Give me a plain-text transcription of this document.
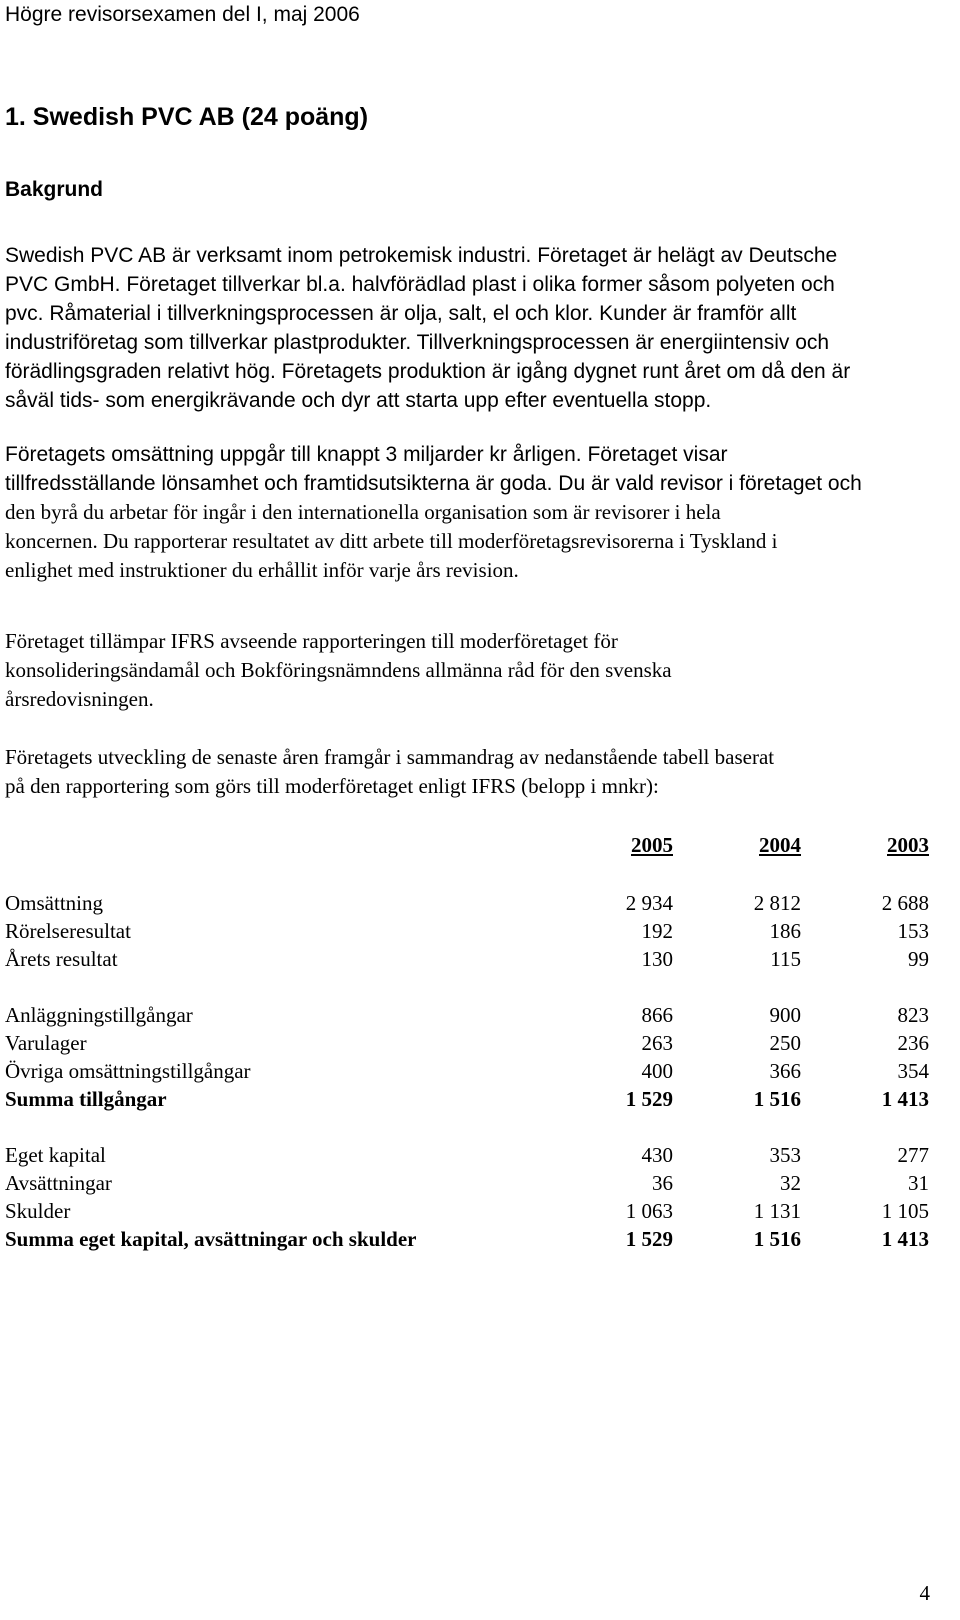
Högre revisorsexamen del I, maj 2006
1. Swedish PVC AB (24 poäng)
Bakgrund
Swedish PVC AB är verksamt inom petrokemisk industri. Företaget är helägt av Deutsche
PVC GmbH. Företaget tillverkar bl.a. halvförädlad plast i olika former såsom polyeten och
pvc. Råmaterial i tillverkningsprocessen är olja, salt, el och klor. Kunder är framför allt
industriföretag som tillverkar plastprodukter. Tillverkningsprocessen är energiintensiv och
förädlingsgraden relativt hög. Företagets produktion är igång dygnet runt året om då den är
såväl tids- som energikrävande och dyr att starta upp efter eventuella stopp.
Företagets omsättning uppgår till knappt 3 miljarder kr årligen. Företaget visar
tillfredsställande lönsamhet och framtidsutsikterna är goda. Du är vald revisor i företaget och
den byrå du arbetar för ingår i den internationella organisation som är revisorer i hela
koncernen. Du rapporterar resultatet av ditt arbete till moderföretagsrevisorerna i Tyskland i
enlighet med instruktioner du erhållit inför varje års revision.
Företaget tillämpar IFRS avseende rapporteringen till moderföretaget för
konsolideringsändamål och Bokföringsnämndens allmänna råd för den svenska
årsredovisningen.
Företagets utveckling de senaste åren framgår i sammandrag av nedanstående tabell baserat
på den rapportering som görs till moderföretaget enligt IFRS (belopp i mnkr):
	2005	2004	2003

Omsättning	2 934	2 812	2 688
Rörelseresultat	192	186	153
Årets resultat	130	115	99

Anläggningstillgångar	866	900	823
Varulager	263	250	236
Övriga omsättningstillgångar	400	366	354
Summa tillgångar	1 529	1 516	1 413

Eget kapital	430	353	277
Avsättningar	36	32	31
Skulder	1 063	1 131	1 105
Summa eget kapital, avsättningar och skulder	1 529	1 516	1 413
4
